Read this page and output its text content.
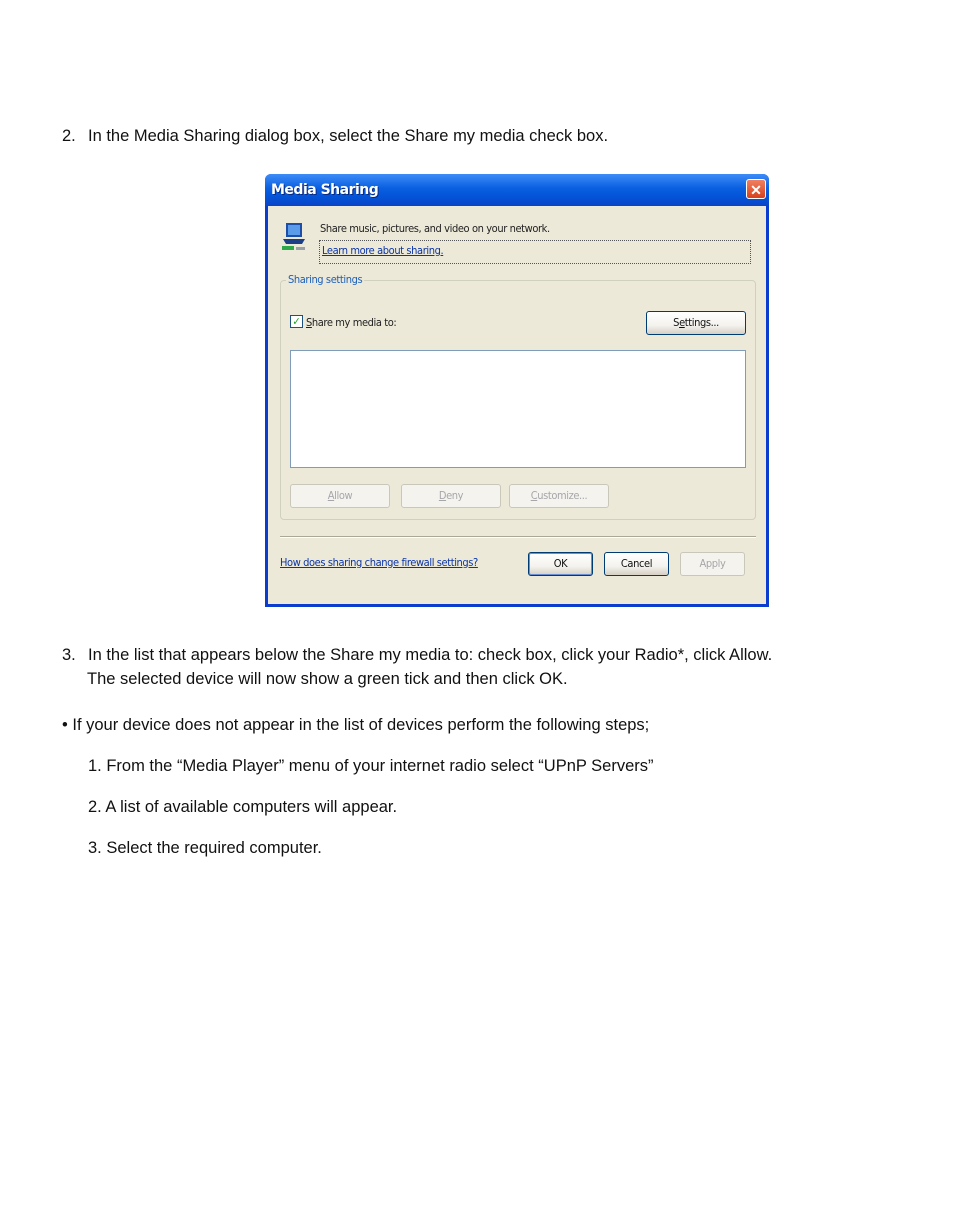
2. In the Media Sharing dialog box, select the Share my media check box.
Media Sharing	✕
Share music, pictures, and video on your network.
Learn more about sharing.
Sharing settings
✓ Share my media to:	Settings...
Allow	Deny	Customize...
How does sharing change firewall settings?	OK	Cancel	Apply
3. In the list that appears below the Share my media to: check box, click your Radio*, click Allow.
The selected device will now show a green tick and then click OK.
• If your device does not appear in the list of devices perform the following steps;
1. From the “Media Player” menu of your internet radio select “UPnP Servers”
2. A list of available computers will appear.
3. Select the required computer.
